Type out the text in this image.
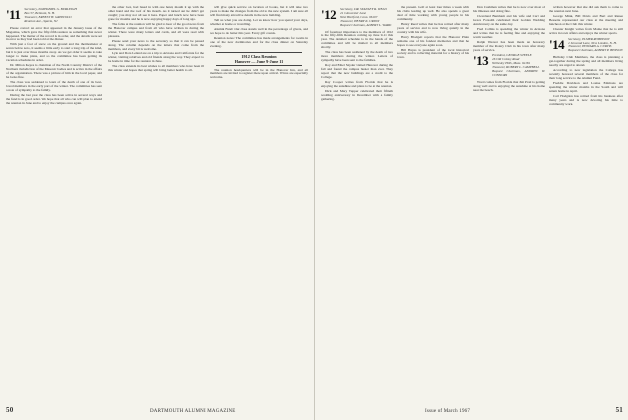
'11 Secretary, NATHANIEL G. BURLEIGH
Box 57, Belmont, N. H.
Treasurer, ERNEST H. GRISWOLD
Reunion Ave., Sparta, NJ

Please correct an error that appeared in the January issue of the Magazine, which gave the fifty-fifth reunion as something that never happened. The matter of the record is in order, and the details were set in error as they had been told at the dinner.

With just a foot of snow on the ground and the thermometer at seven below zero, it seems a little early to start a long trip of the kind, but it is just over three months away. As we get older it seems to take longer to make plans, and so the committee has been getting its vacation schedules in order.

Dr. Milton Keyes is chairman of the North Country District of the Northern Jurisdiction of the Masonic bodies and is active in the affairs of the organization. There was a picture of him in the local paper, and he looks fine.

The class was saddened to learn of the death of one of its best-loved members in the early part of the winter. The committee has sent a note of sympathy to the family.

During the last year the class has been active in several ways and the fund is in good order. We hope that all who can will plan to attend the reunion in June and to enjoy the campus once again.

the other foot, had fused in with one hand, mouth it up with the other hand and the roof of his mouth. As it turned out he didn't get caught; you may not all see it here. Paper and lunch now have been gone for months and he is now enjoying happy days of long ago.

The folks at the reunion will be glad to hear of the good news from the Hanover campus and from all who have written in during the winter. There were many letters and cards, and all were read with pleasure.

Please send your news to the secretary so that it can be passed along. The column depends on the letters that come from the members, and every bit is welcome.

Lyle and Dora Leland are on a trip to Arizona and California for the winter, visiting relatives and old friends along the way. They expect to be home in time for the reunion in June.

The class extends its best wishes to all members who have been ill this winter and hopes that spring will bring better health to all.

will give quick service on location of books, but it will take two years to make the changes from the old to the new system. I am sure all will find many attractive details in the new building.

Tell us what you are doing. Let us know how you spend your days, whether at home or travelling.

Alumni Fund: Our class stands well in the percentage of givers, and we hope to do better this year. Every gift counts.

Reunion notes: The committee has made arrangements for rooms in one of the new dormitories and for the class dinner on Saturday evening.

1912 Class Reunion
Hanover — June 9-June 11

The reunion headquarters will be in the Hanover Inn, and all members are invited to register there upon arrival. Wives are especially welcome.

50	DARTMOUTH ALUMNI MAGAZINE
'12 Secretary, DR. STANLEY R. WELD
21 Gloucester Lane
West Hartford, Conn. 06107
Treasurer, HENRY K. URION
Bequest Chairman, ALBERT L. WARD

Of foremost importance to the members of 1912 is the fifty-fifth Reunion coming up June 9-11 this year. The detailed schedule is in the hands of the committee and will be mailed to all members shortly.

The class has been saddened by the death of two more members during the winter. Letters of sympathy have been sent to the families.

Roy and Ethel Snyder visited Hanover during the fall and found the campus busier than ever. They report that the new buildings are a credit to the College.

Ray Cooper writes from Florida that he is enjoying the sunshine and plans to be at the reunion.

Dick and Mary Tupper celebrated their fiftieth wedding anniversary in December with a family gathering.

the present. Golf at least four times a week with his clubs leading up well. He also spends a great deal of time working with young people in his community.

Henry Reed writes that he has retired after many years of service and is now living quietly in the country with his wife.

Harry Blodgett reports that the Hanover Plain remains one of his fondest memories and that he hopes to see everyone again soon.

Bill Hayes is president of the local historical society and is collecting material for a history of his town.

Don Cushman writes that he is now over most of his illnesses and doing fine.

Cleveland Burnham and his wife and Carl and Grace Forsaith celebrated their Golden Wedding Anniversary on the same day.

Fred Collins is spending the winter in Arizona and writes that he is feeling fine and enjoying the warm weather.

Ralph Weaver has been made an honorary member of the Rotary Club in his town after many years of service.

'13 President, GEORGE STEELE
26 Old Colony Road
Wellesley Hills, Mass. 02181
Treasurer, ROBERT L. CAMPBELL
Bequest Chairman, ANDREW W. CONNORS

Word comes from Florida that Jim Pratt is getting along well and is enjoying the sunshine at his home near the beach.

written however that she did ask them to come to the reunion next June.

George Mink, Bill Davis and Bert and Renee Bessette represented our class at the meeting and luncheon at the Club this winter.

Chester Knight writes from Maine that he is still active in town affairs and enjoys the winter sports.

'14 Secretary, ELMER ROBINSON
2 Linwood Lane, New London, N. H.
Treasurer, HOWARD A. CURTIS
Bequest Chairman, ALBERT P. BENSON

Birthday Club Members, the class is planning a get-together during the spring and all members living nearby are urged to attend.

According to new legislation the College has recently honored several members of the class for their long service to the Alumni Fund.

Freddie Davidson and Louise Emmons are spending the winter months in the South and will return home in April.

Carl Hodgdon has retired from his business after many years and is now devoting his time to community work.

Issue of March 1967	51
